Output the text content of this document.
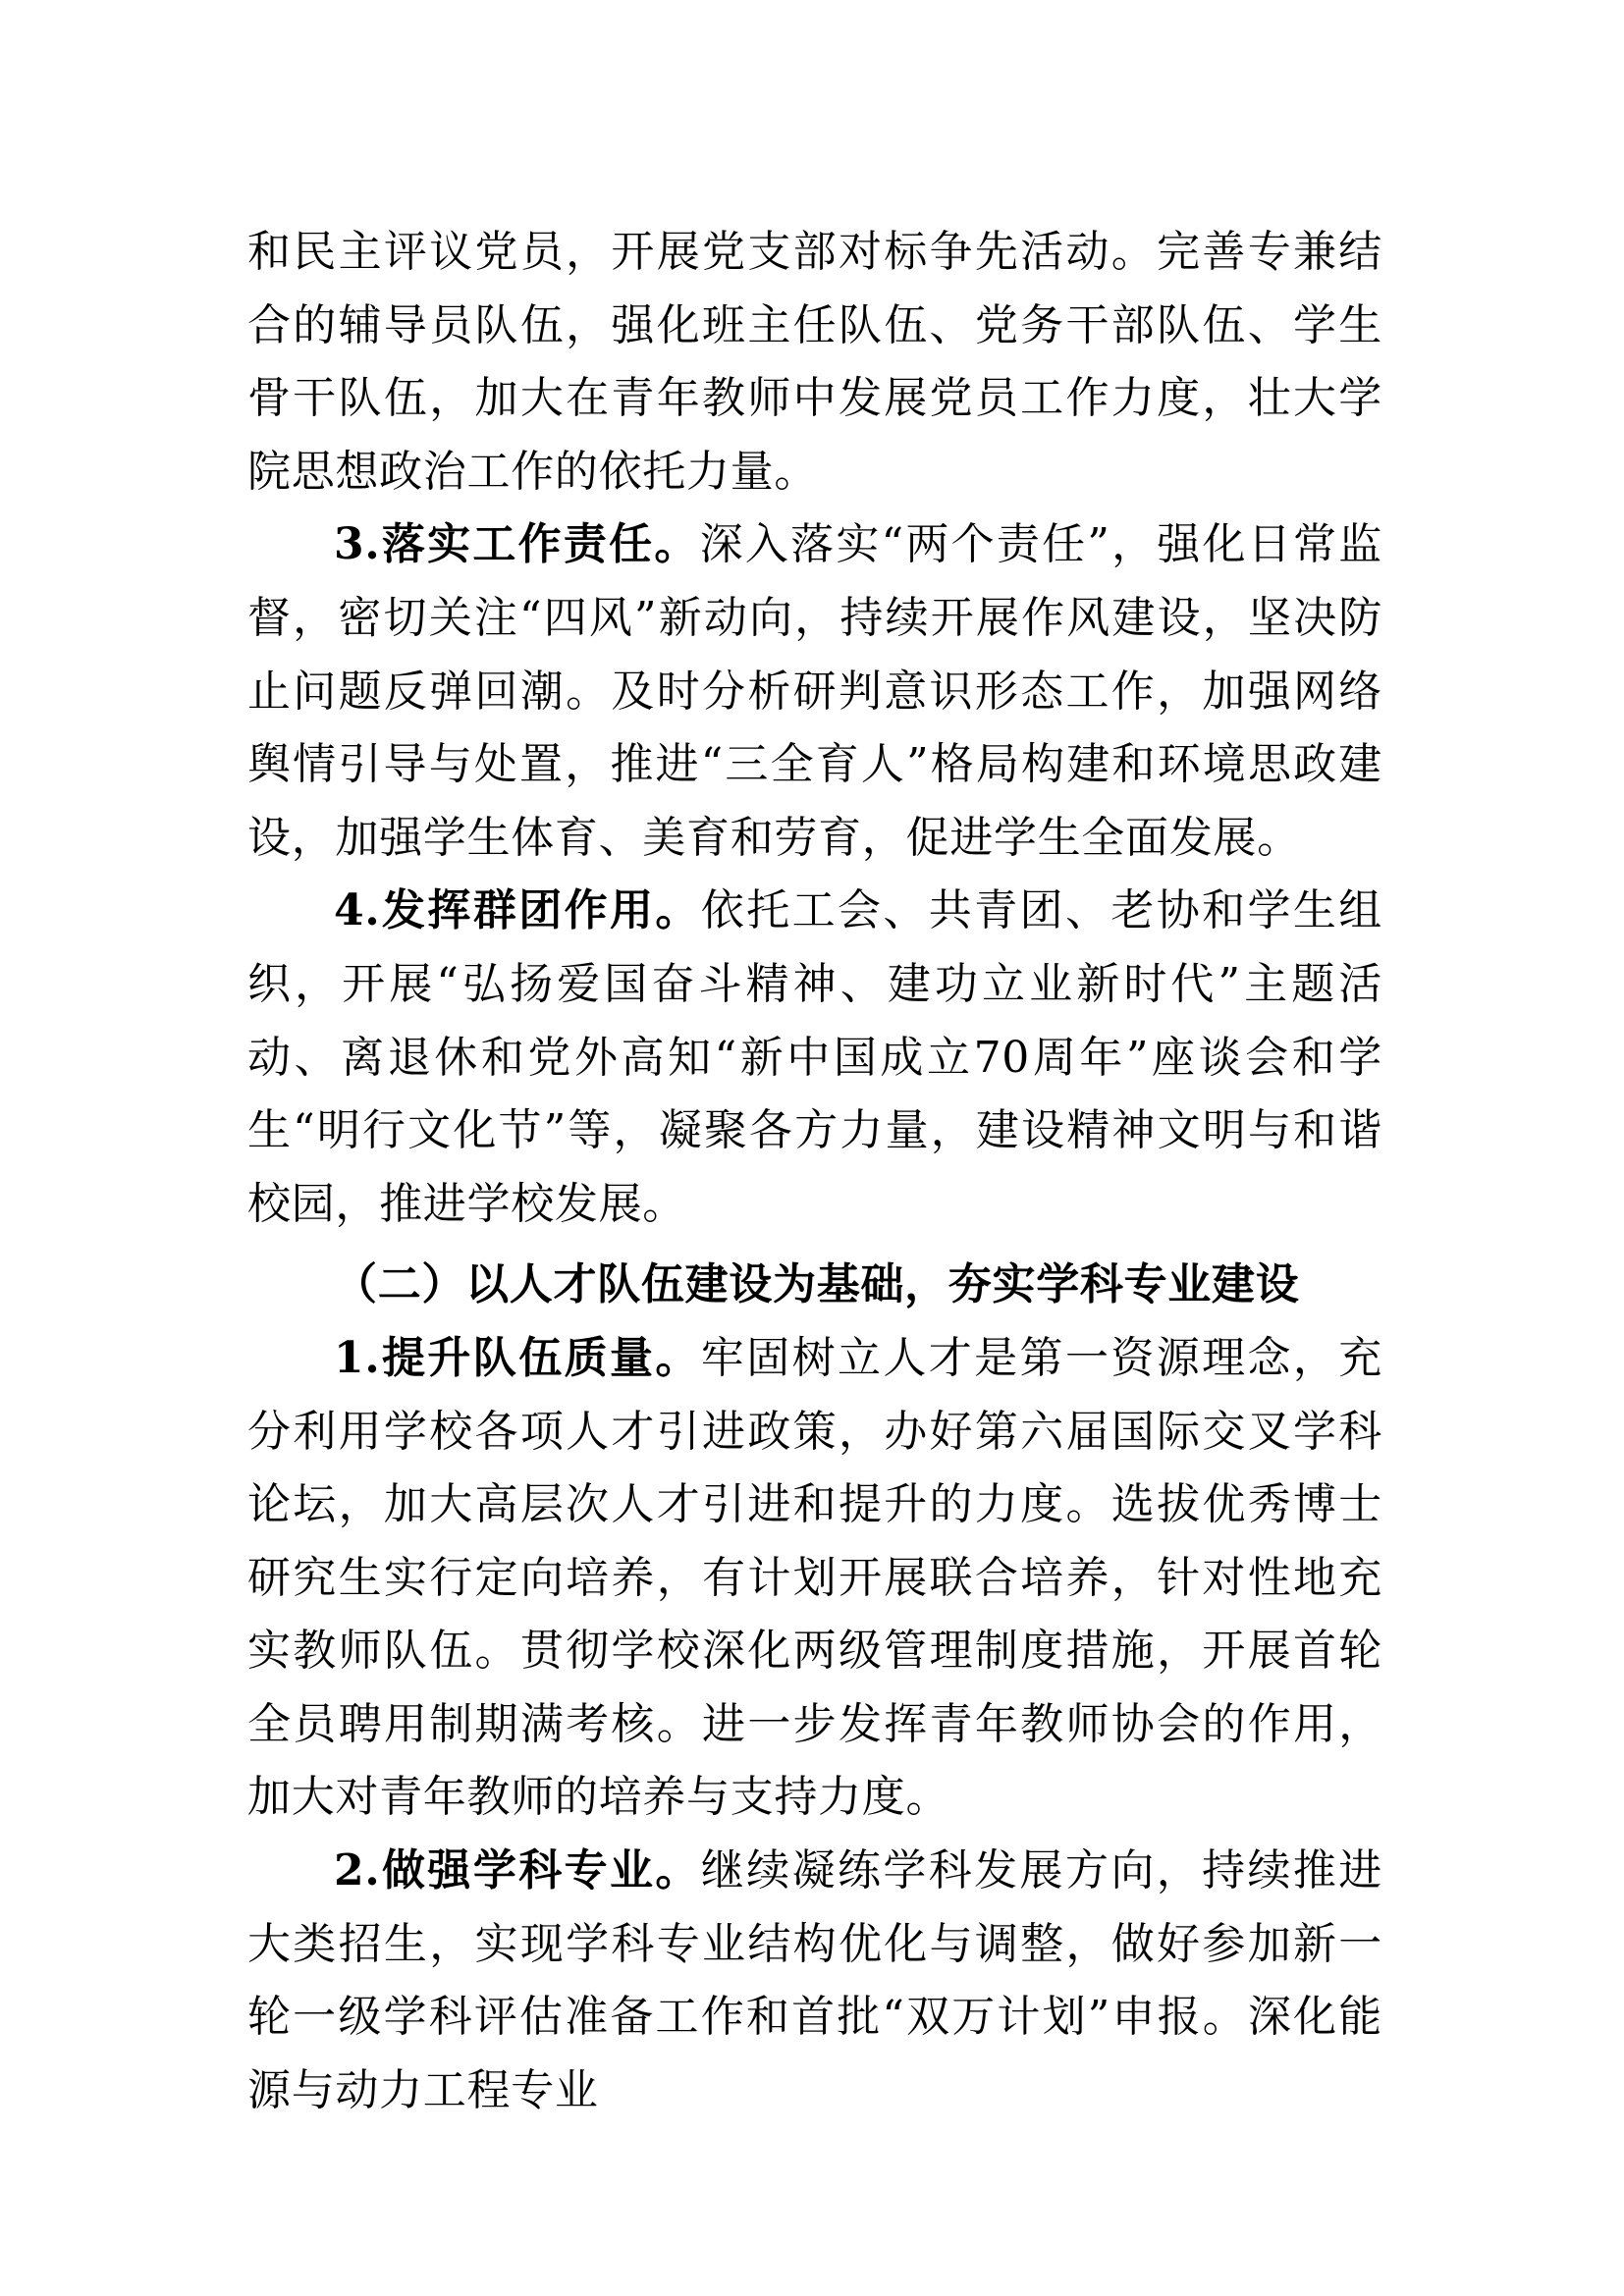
和民主评议党员，开展党支部对标争先活动。完善专兼结合的辅导员队伍，强化班主任队伍、党务干部队伍、学生骨干队伍，加大在青年教师中发展党员工作力度，壮大学院思想政治工作的依托力量。

3.落实工作责任。深入落实“两个责任”，强化日常监督，密切关注“四风”新动向，持续开展作风建设，坚决防止问题反弹回潮。及时分析研判意识形态工作，加强网络舆情引导与处置，推进“三全育人”格局构建和环境思政建设，加强学生体育、美育和劳育，促进学生全面发展。

4.发挥群团作用。依托工会、共青团、老协和学生组织，开展“弘扬爱国奋斗精神、建功立业新时代”主题活动、离退休和党外高知“新中国成立70周年”座谈会和学生“明行文化节”等，凝聚各方力量，建设精神文明与和谐校园，推进学校发展。

（二）以人才队伍建设为基础，夯实学科专业建设

1.提升队伍质量。牢固树立人才是第一资源理念，充分利用学校各项人才引进政策，办好第六届国际交叉学科论坛，加大高层次人才引进和提升的力度。选拔优秀博士研究生实行定向培养，有计划开展联合培养，针对性地充实教师队伍。贯彻学校深化两级管理制度措施，开展首轮全员聘用制期满考核。进一步发挥青年教师协会的作用，加大对青年教师的培养与支持力度。

2.做强学科专业。继续凝练学科发展方向，持续推进大类招生，实现学科专业结构优化与调整，做好参加新一轮一级学科评估准备工作和首批“双万计划”申报。深化能源与动力工程专业
